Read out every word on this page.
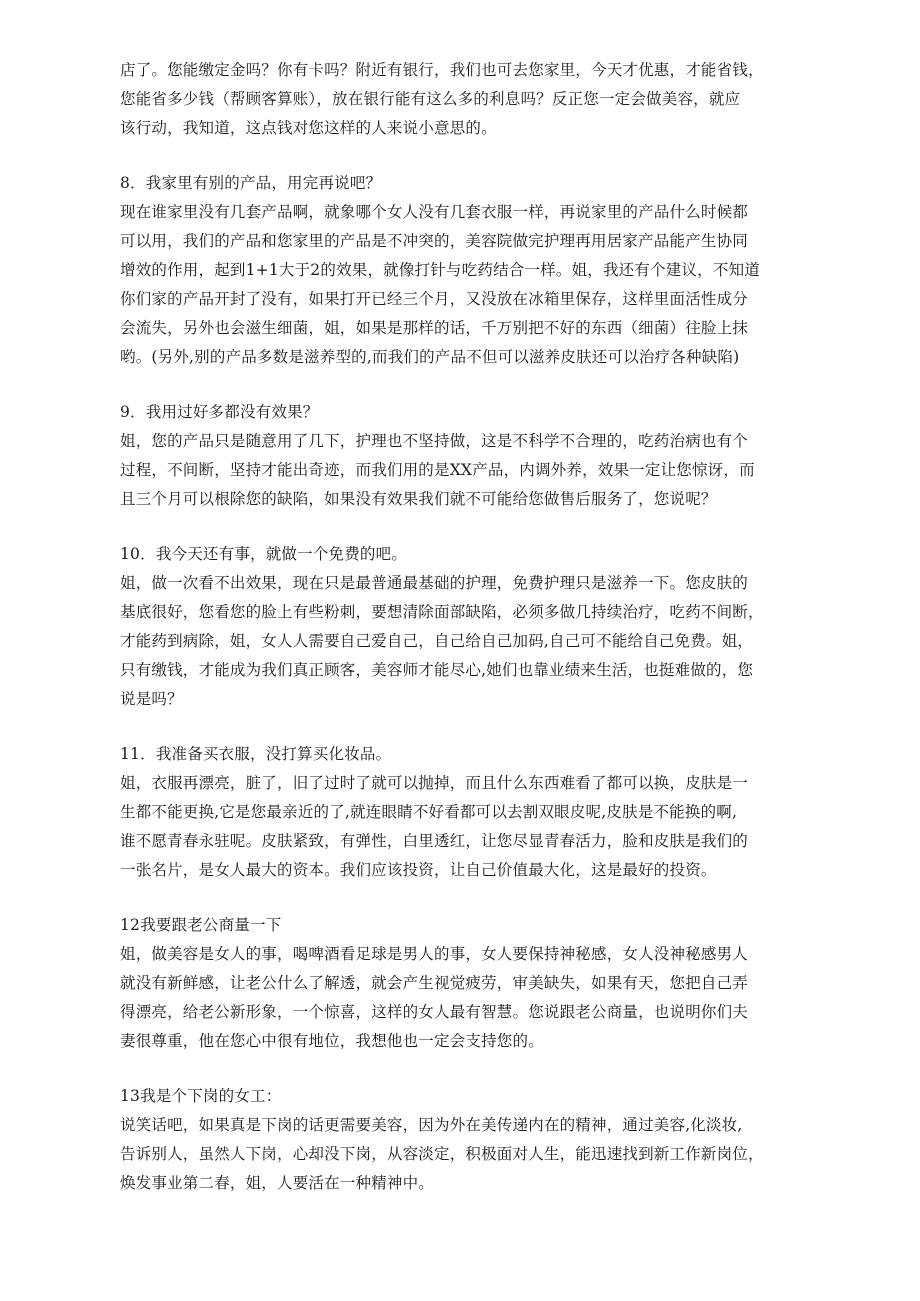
店了。您能缴定金吗？你有卡吗？附近有银行，我们也可去您家里，今天才优惠，才能省钱，
您能省多少钱（帮顾客算账），放在银行能有这么多的利息吗？反正您一定会做美容，就应
该行动，我知道，这点钱对您这样的人来说小意思的。
8．我家里有别的产品，用完再说吧？
现在谁家里没有几套产品啊，就象哪个女人没有几套衣服一样，再说家里的产品什么时候都
可以用，我们的产品和您家里的产品是不冲突的，美容院做完护理再用居家产品能产生协同
增效的作用，起到1+1大于2的效果，就像打针与吃药结合一样。姐，我还有个建议，不知道
你们家的产品开封了没有，如果打开已经三个月，又没放在冰箱里保存，这样里面活性成分
会流失，另外也会滋生细菌，姐，如果是那样的话，千万别把不好的东西（细菌）往脸上抹
哟。(另外,别的产品多数是滋养型的,而我们的产品不但可以滋养皮肤还可以治疗各种缺陷)
9．我用过好多都没有效果？
姐，您的产品只是随意用了几下，护理也不坚持做，这是不科学不合理的，吃药治病也有个
过程，不间断，坚持才能出奇迹，而我们用的是XX产品，内调外养，效果一定让您惊讶，而
且三个月可以根除您的缺陷，如果没有效果我们就不可能给您做售后服务了，您说呢？
10．我今天还有事，就做一个免费的吧。
姐，做一次看不出效果，现在只是最普通最基础的护理，免费护理只是滋养一下。您皮肤的
基底很好，您看您的脸上有些粉刺，要想清除面部缺陷，必须多做几持续治疗，吃药不间断，
才能药到病除，姐，女人人需要自己爱自己，自己给自己加码,自己可不能给自己免费。姐，
只有缴钱，才能成为我们真正顾客，美容师才能尽心,她们也靠业绩来生活，也挺难做的，您
说是吗？
11．我准备买衣服，没打算买化妆品。
姐，衣服再漂亮，脏了，旧了过时了就可以抛掉，而且什么东西难看了都可以换，皮肤是一
生都不能更换,它是您最亲近的了,就连眼睛不好看都可以去割双眼皮呢,皮肤是不能换的啊,
谁不愿青春永驻呢。皮肤紧致，有弹性，白里透红，让您尽显青春活力，脸和皮肤是我们的
一张名片，是女人最大的资本。我们应该投资，让自己价值最大化，这是最好的投资。
12我要跟老公商量一下
姐，做美容是女人的事，喝啤酒看足球是男人的事，女人要保持神秘感，女人没神秘感男人
就没有新鲜感，让老公什么了解透，就会产生视觉疲劳，审美缺失，如果有天，您把自己弄
得漂亮，给老公新形象，一个惊喜，这样的女人最有智慧。您说跟老公商量，也说明你们夫
妻很尊重，他在您心中很有地位，我想他也一定会支持您的。
13我是个下岗的女工：
说笑话吧，如果真是下岗的话更需要美容，因为外在美传递内在的精神，通过美容,化淡妆,
告诉别人，虽然人下岗，心却没下岗，从容淡定，积极面对人生，能迅速找到新工作新岗位，
焕发事业第二春，姐，人要活在一种精神中。
